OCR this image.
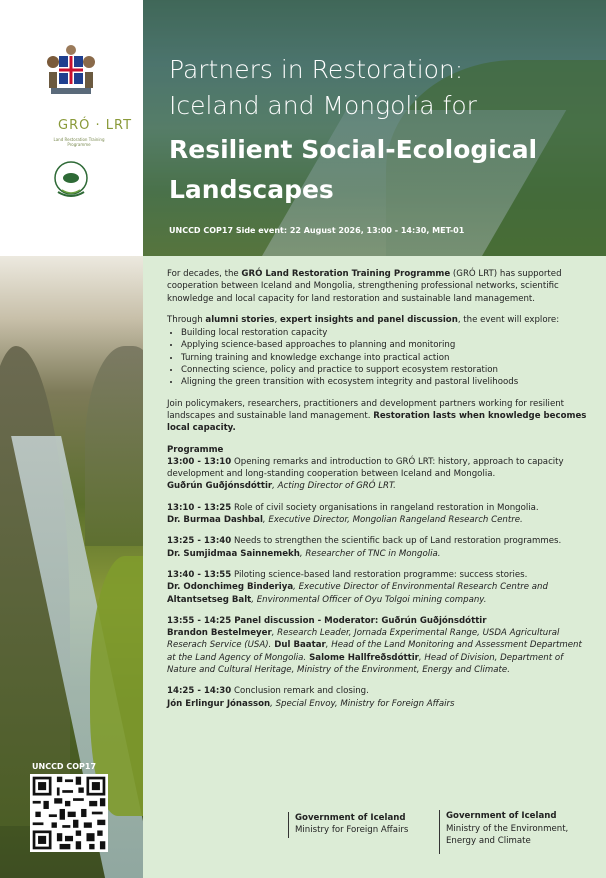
GRÓ · LRT
Land Restoration Training Programme
Partners in Restoration:
Iceland and Mongolia for
Resilient Social-Ecological
Landscapes
UNCCD COP17 Side event: 22 August 2026, 13:00 - 14:30, MET-01
UNCCD COP17

For decades, the GRÓ Land Restoration Training Programme (GRÓ LRT) has supported cooperation between Iceland and Mongolia, strengthening professional networks, scientific knowledge and local capacity for land restoration and sustainable land management.

Through alumni stories, expert insights and panel discussion, the event will explore:

• Building local restoration capacity
• Applying science-based approaches to planning and monitoring
• Turning training and knowledge exchange into practical action
• Connecting science, policy and practice to support ecosystem restoration
• Aligning the green transition with ecosystem integrity and pastoral livelihoods

Join policymakers, researchers, practitioners and development partners working for resilient landscapes and sustainable land management. Restoration lasts when knowledge becomes local capacity.

Programme
13:00 - 13:10 Opening remarks and introduction to GRÓ LRT: history, approach to capacity development and long-standing cooperation between Iceland and Mongolia.
Guðrún Guðjónsdóttir, Acting Director of GRÓ LRT.
13:10 - 13:25 Role of civil society organisations in rangeland restoration in Mongolia.
Dr. Burmaa Dashbal, Executive Director, Mongolian Rangeland Research Centre.
13:25 - 13:40 Needs to strengthen the scientific back up of Land restoration programmes.
Dr. Sumjidmaa Sainnemekh, Researcher of TNC in Mongolia.
13:40 - 13:55 Piloting science-based land restoration programme: success stories.
Dr. Odonchimeg Binderiya, Executive Director of Environmental Research Centre and
Altantsetseg Balt, Environmental Officer of Oyu Tolgoi mining company.
13:55 - 14:25 Panel discussion - Moderator: Guðrún Guðjónsdóttir
Brandon Bestelmeyer, Research Leader, Jornada Experimental Range, USDA Agricultural Reserach Service (USA). Dul Baatar, Head of the Land Monitoring and Assessment Department at the Land Agency of Mongolia. Salome Hallfreðsdóttir, Head of Division, Department of Nature and Cultural Heritage, Ministry of the Environment, Energy and Climate.
14:25 - 14:30 Conclusion remark and closing.
Jón Erlingur Jónasson, Special Envoy, Ministry for Foreign Affairs
Government of Iceland
Ministry for Foreign Affairs
Government of Iceland
Ministry of the Environment,
Energy and Climate
